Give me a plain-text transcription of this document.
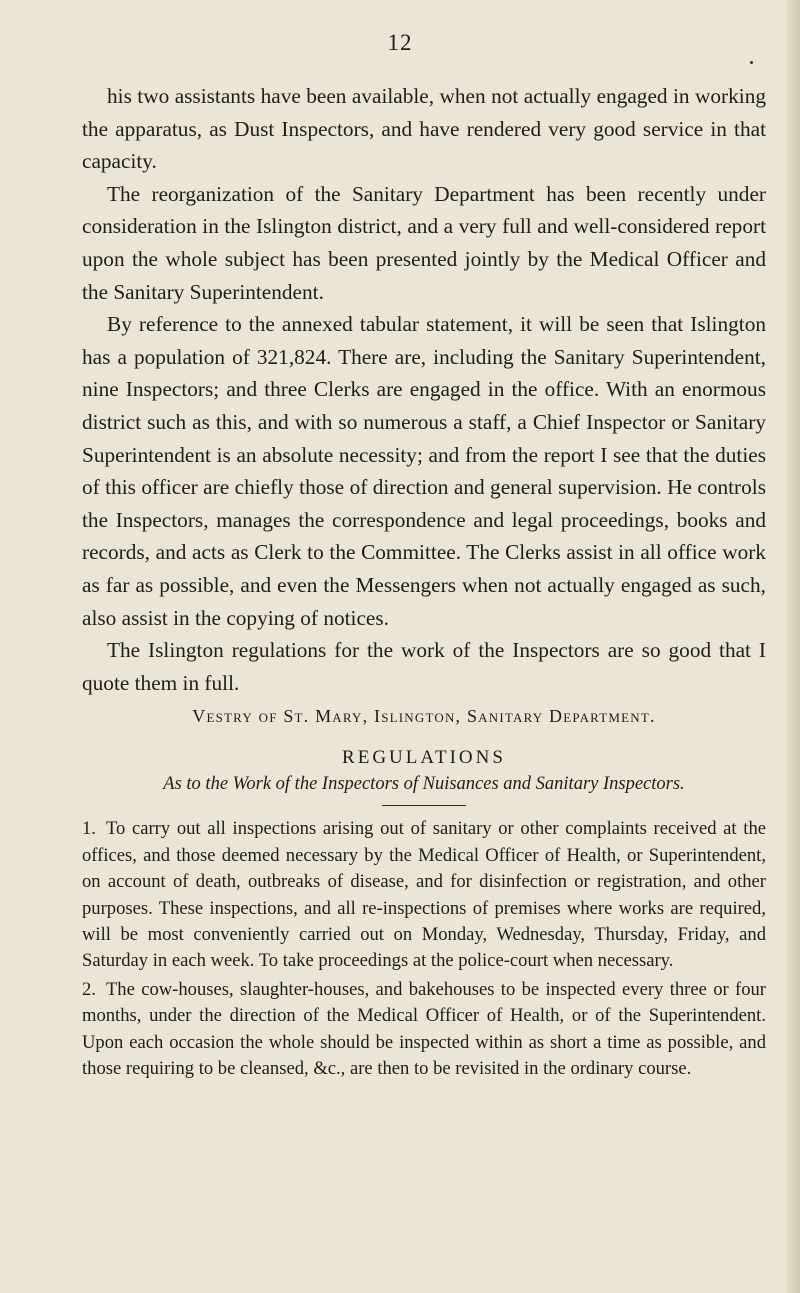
12

his two assistants have been available, when not actually engaged in working the apparatus, as Dust Inspectors, and have rendered very good service in that capacity.

The reorganization of the Sanitary Department has been recently under consideration in the Islington district, and a very full and well-considered report upon the whole subject has been presented jointly by the Medical Officer and the Sanitary Superintendent.

By reference to the annexed tabular statement, it will be seen that Islington has a population of 321,824. There are, including the Sanitary Superintendent, nine Inspectors; and three Clerks are engaged in the office. With an enormous district such as this, and with so numerous a staff, a Chief Inspector or Sanitary Superintendent is an absolute necessity; and from the report I see that the duties of this officer are chiefly those of direction and general supervision. He controls the Inspectors, manages the correspondence and legal proceedings, books and records, and acts as Clerk to the Committee. The Clerks assist in all office work as far as possible, and even the Messengers when not actually engaged as such, also assist in the copying of notices.

The Islington regulations for the work of the Inspectors are so good that I quote them in full.

Vestry of St. Mary, Islington, Sanitary Department.

REGULATIONS

As to the Work of the Inspectors of Nuisances and Sanitary Inspectors.

1. To carry out all inspections arising out of sanitary or other complaints received at the offices, and those deemed necessary by the Medical Officer of Health, or Superintendent, on account of death, outbreaks of disease, and for disinfection or registration, and other purposes. These inspections, and all re-inspections of premises where works are required, will be most conveniently carried out on Monday, Wednesday, Thursday, Friday, and Saturday in each week. To take proceedings at the police-court when necessary.

2. The cow-houses, slaughter-houses, and bakehouses to be inspected every three or four months, under the direction of the Medical Officer of Health, or of the Superintendent. Upon each occasion the whole should be inspected within as short a time as possible, and those requiring to be cleansed, &c., are then to be revisited in the ordinary course.
